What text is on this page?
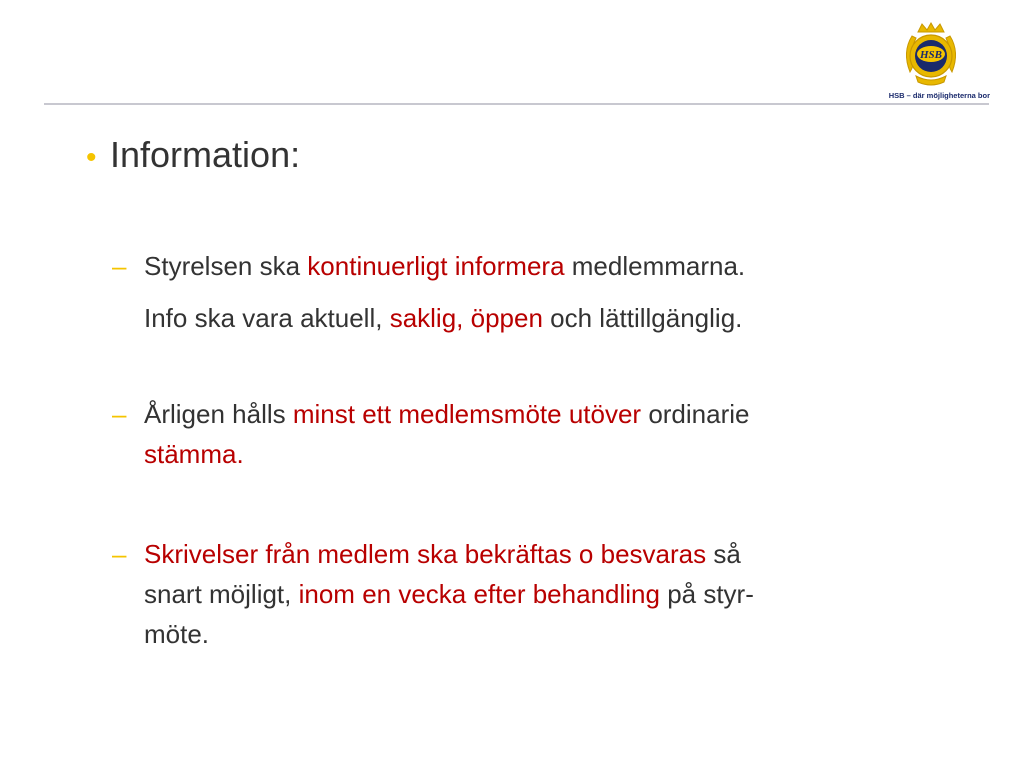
HSB
HSB – där möjligheterna bor
• Information:
– Styrelsen ska kontinuerligt informera medlemmarna.
Info ska vara aktuell, saklig, öppen och lättillgänglig.
– Årligen hålls minst ett medlemsmöte utöver ordinarie
stämma.
– Skrivelser från medlem ska bekräftas o besvaras så
snart möjligt, inom en vecka efter behandling på styr-
möte.
